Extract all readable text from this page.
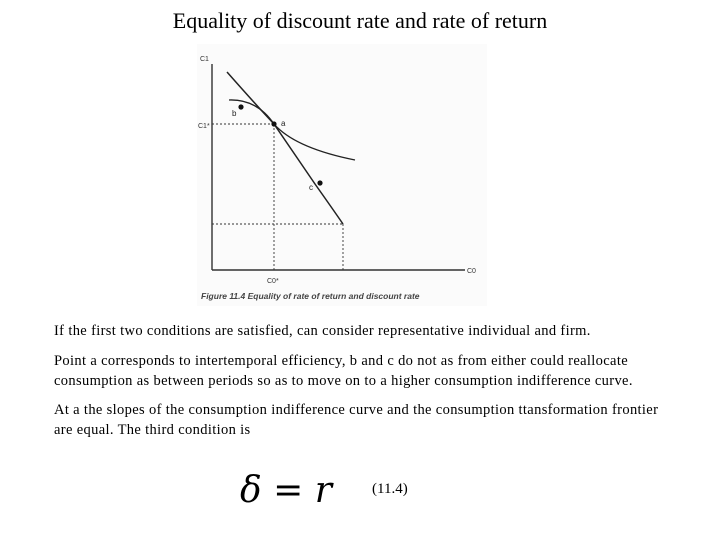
Equality of discount rate and rate of return
a
b
c
C1
C0
C1*
C0*
Figure 11.4 Equality of rate of return and discount rate
If the first two conditions are satisfied, can consider representative individual and firm.
Point a corresponds to intertemporal efficiency, b and c do not as from either could reallocate consumption as between periods so as to move on to a higher consumption indifference curve.
At a the slopes of the consumption indifference curve and the consumption ttansformation frontier are equal. The third condition is
δ = r	(11.4)
